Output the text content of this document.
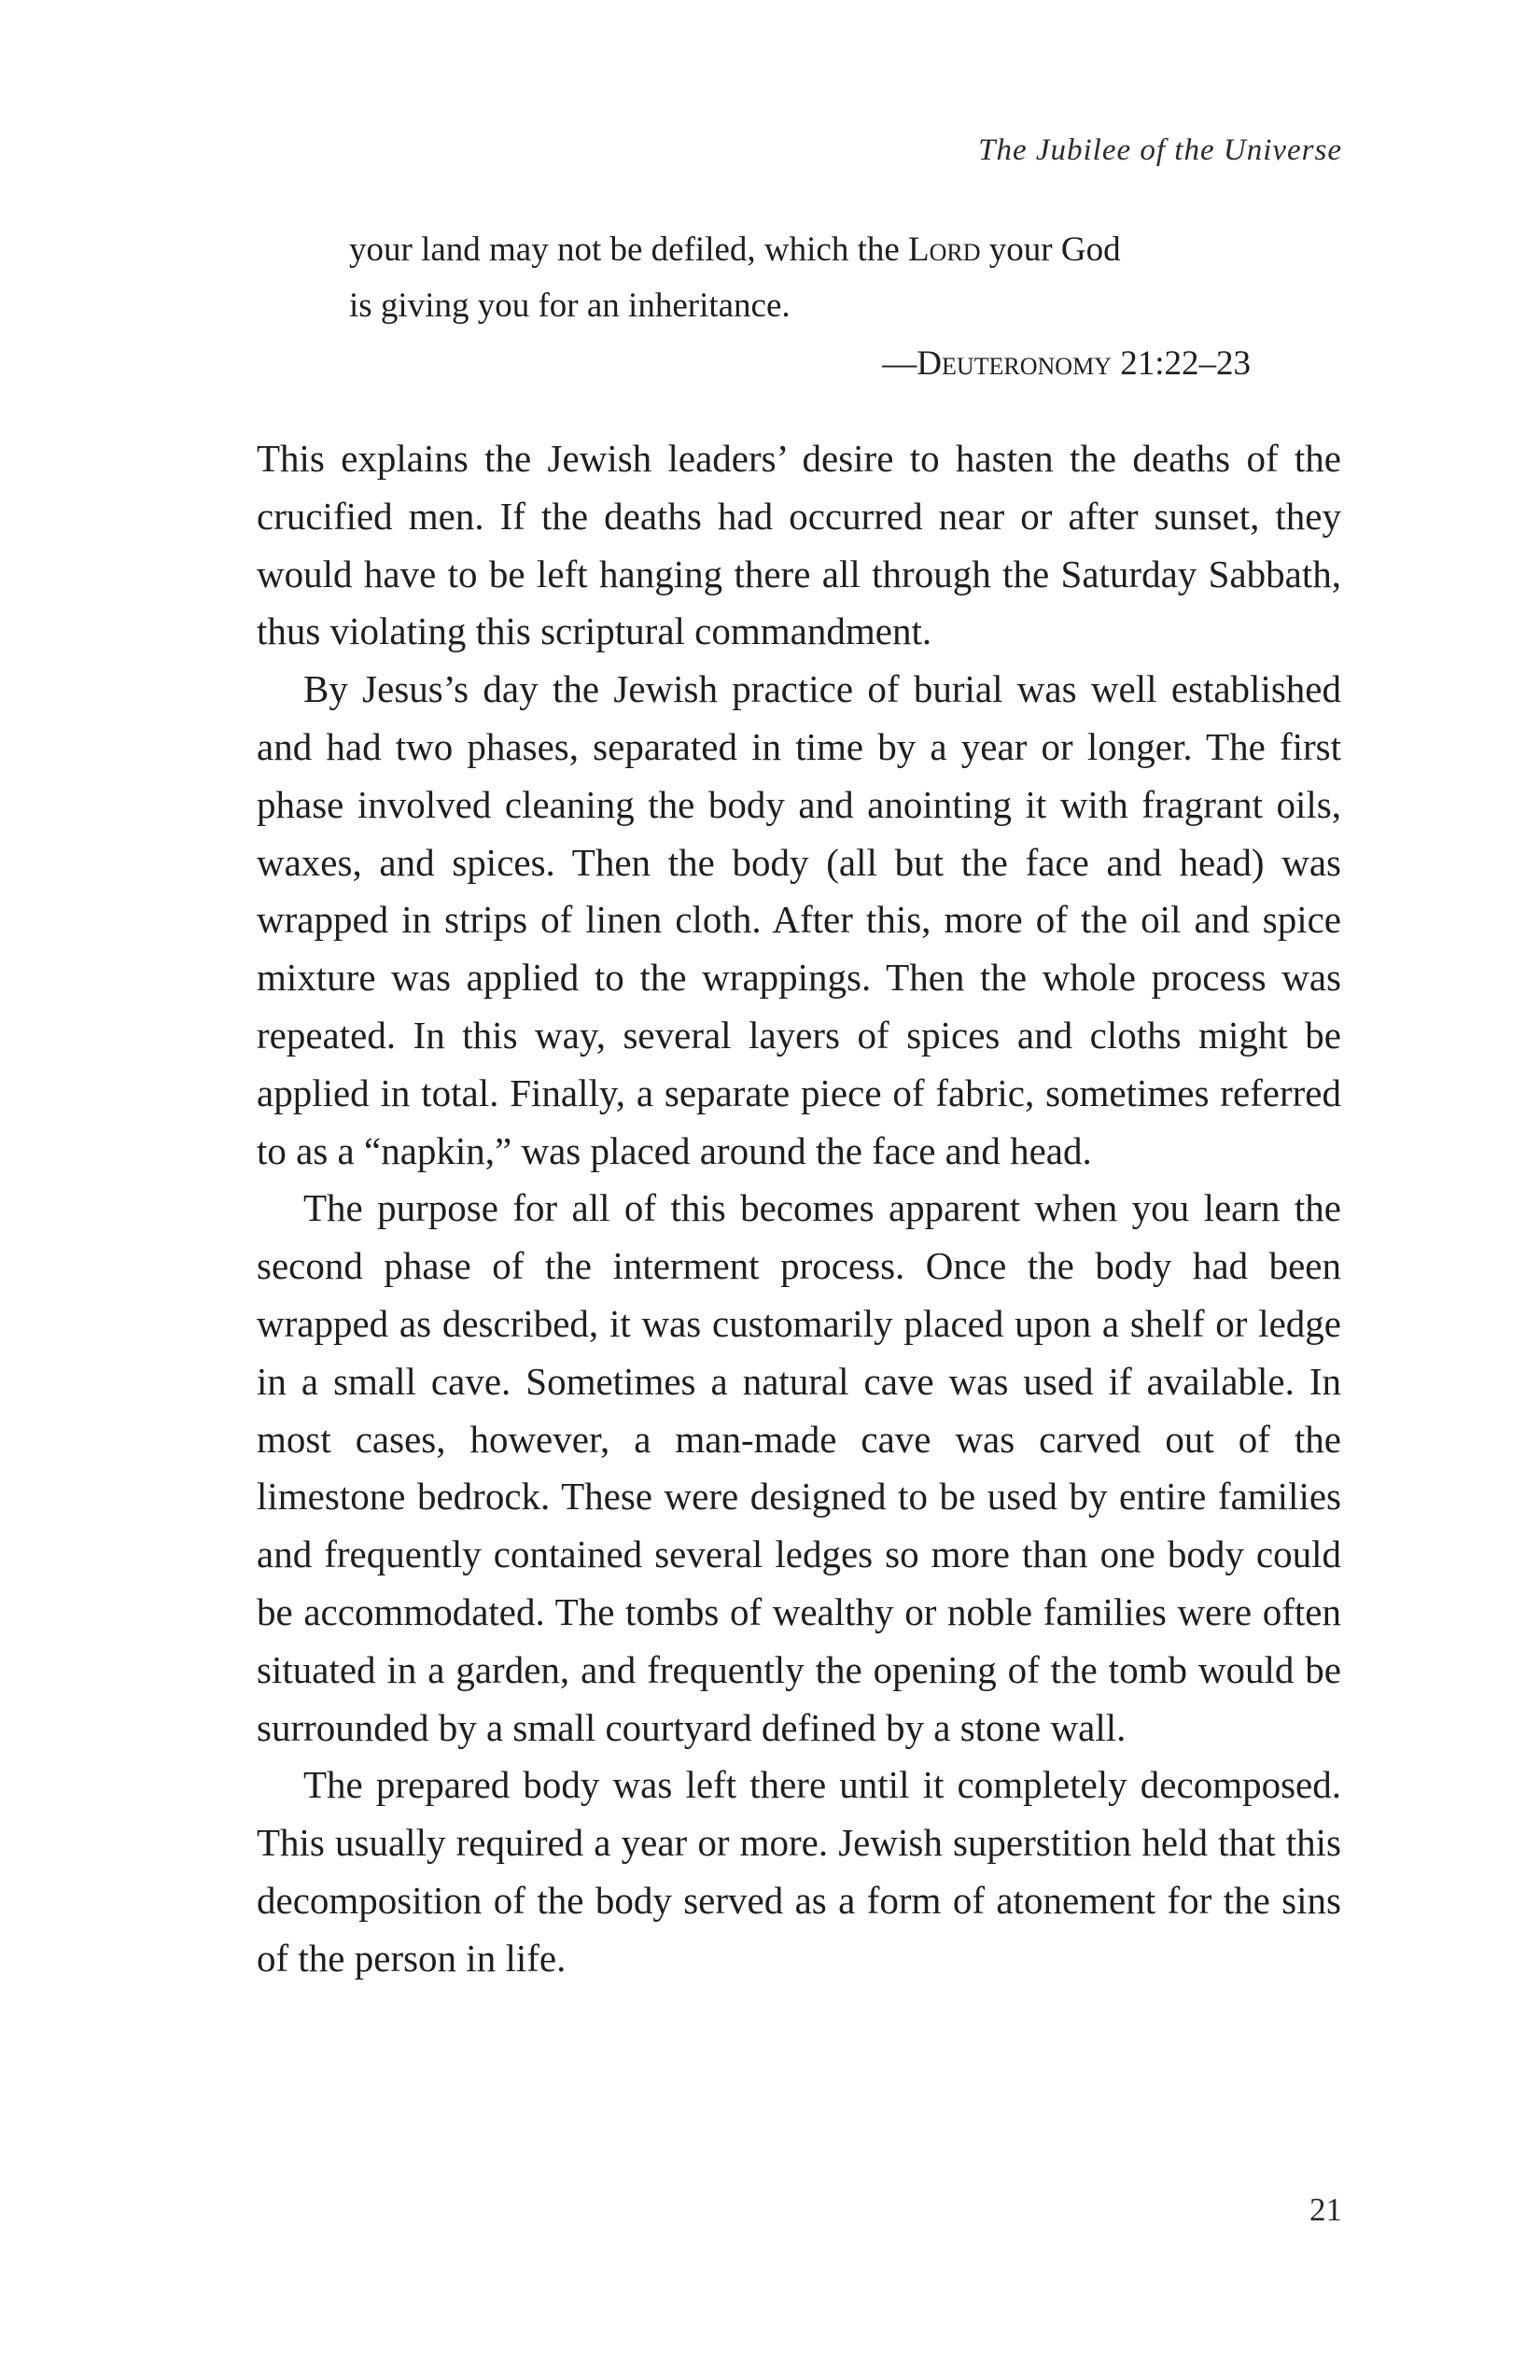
The Jubilee of the Universe

your land may not be defiled, which the Lord your God

is giving you for an inheritance.

—Deuteronomy 21:22–23

This explains the Jewish leaders’ desire to hasten the deaths of the crucified men. If the deaths had occurred near or after sunset, they would have to be left hanging there all through the Saturday Sabbath, thus violating this scriptural commandment.

By Jesus’s day the Jewish practice of burial was well established and had two phases, separated in time by a year or longer. The first phase involved cleaning the body and anointing it with fragrant oils, waxes, and spices. Then the body (all but the face and head) was wrapped in strips of linen cloth. After this, more of the oil and spice mixture was applied to the wrappings. Then the whole process was repeated. In this way, several layers of spices and cloths might be applied in total. Finally, a separate piece of fabric, sometimes referred to as a “napkin,” was placed around the face and head.

The purpose for all of this becomes apparent when you learn the second phase of the interment process. Once the body had been wrapped as described, it was customarily placed upon a shelf or ledge in a small cave. Sometimes a natural cave was used if available. In most cases, however, a man-made cave was carved out of the limestone bedrock. These were designed to be used by entire families and frequently contained several ledges so more than one body could be accommodated. The tombs of wealthy or noble families were often situated in a garden, and frequently the opening of the tomb would be surrounded by a small courtyard defined by a stone wall.

The prepared body was left there until it completely decomposed. This usually required a year or more. Jewish superstition held that this decomposition of the body served as a form of atonement for the sins of the person in life.

21
